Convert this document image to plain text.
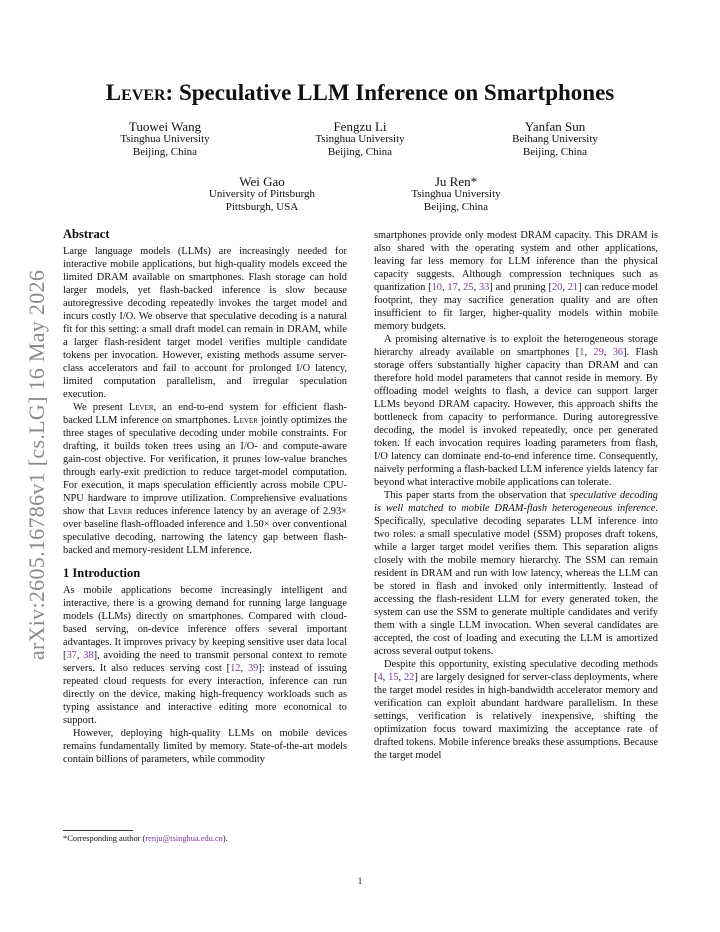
arXiv:2605.16786v1 [cs.LG] 16 May 2026
Lever: Speculative LLM Inference on Smartphones
Tuowei Wang
Tsinghua University
Beijing, China
Fengzu Li
Tsinghua University
Beijing, China
Yanfan Sun
Beihang University
Beijing, China
Wei Gao
University of Pittsburgh
Pittsburgh, USA
Ju Ren*
Tsinghua University
Beijing, China
Abstract

Large language models (LLMs) are increasingly needed for interactive mobile applications, but high-quality models exceed the limited DRAM available on smartphones. Flash storage can hold larger models, yet flash-backed inference is slow because autoregressive decoding repeatedly invokes the target model and incurs costly I/O. We observe that speculative decoding is a natural fit for this setting: a small draft model can remain in DRAM, while a larger flash-resident target model verifies multiple candidate tokens per invocation. However, existing methods assume server-class accelerators and fail to account for prolonged I/O latency, limited computation parallelism, and irregular speculation execution.

We present Lever, an end-to-end system for efficient flash-backed LLM inference on smartphones. Lever jointly optimizes the three stages of speculative decoding under mobile constraints. For drafting, it builds token trees using an I/O- and compute-aware gain-cost objective. For verification, it prunes low-value branches through early-exit prediction to reduce target-model computation. For execution, it maps speculation efficiently across mobile CPU-NPU hardware to improve utilization. Comprehensive evaluations show that Lever reduces inference latency by an average of 2.93× over baseline flash-offloaded inference and 1.50× over conventional speculative decoding, narrowing the latency gap between flash-backed and memory-resident LLM inference.

1 Introduction

As mobile applications become increasingly intelligent and interactive, there is a growing demand for running large language models (LLMs) directly on smartphones. Compared with cloud-based serving, on-device inference offers several important advantages. It improves privacy by keeping sensitive user data local [37, 38], avoiding the need to transmit personal context to remote servers. It also reduces serving cost [12, 39]: instead of issuing repeated cloud requests for every interaction, inference can run directly on the device, making high-frequency workloads such as typing assistance and interactive editing more economical to support.

However, deploying high-quality LLMs on mobile devices remains fundamentally limited by memory. State-of-the-art models contain billions of parameters, while commodity

smartphones provide only modest DRAM capacity. This DRAM is also shared with the operating system and other applications, leaving far less memory for LLM inference than the physical capacity suggests. Although compression techniques such as quantization [10, 17, 25, 33] and pruning [20, 21] can reduce model footprint, they may sacrifice generation quality and are often insufficient to fit larger, higher-quality models within mobile memory budgets.

A promising alternative is to exploit the heterogeneous storage hierarchy already available on smartphones [1, 29, 36]. Flash storage offers substantially higher capacity than DRAM and can therefore hold model parameters that cannot reside in memory. By offloading model weights to flash, a device can support larger LLMs beyond DRAM capacity. However, this approach shifts the bottleneck from capacity to performance. During autoregressive decoding, the model is invoked repeatedly, once per generated token. If each invocation requires loading parameters from flash, I/O latency can dominate end-to-end inference time. Consequently, naively performing a flash-backed LLM inference yields latency far beyond what interactive mobile applications can tolerate.

This paper starts from the observation that speculative decoding is well matched to mobile DRAM-flash heterogeneous inference. Specifically, speculative decoding separates LLM inference into two roles: a small speculative model (SSM) proposes draft tokens, while a larger target model verifies them. This separation aligns closely with the mobile memory hierarchy. The SSM can remain resident in DRAM and run with low latency, whereas the LLM can be stored in flash and invoked only intermittently. Instead of accessing the flash-resident LLM for every generated token, the system can use the SSM to generate multiple candidates and verify them with a single LLM invocation. When several candidates are accepted, the cost of loading and executing the LLM is amortized across several output tokens.

Despite this opportunity, existing speculative decoding methods [4, 15, 22] are largely designed for server-class deployments, where the target model resides in high-bandwidth accelerator memory and verification can exploit abundant hardware parallelism. In these settings, verification is relatively inexpensive, shifting the optimization focus toward maximizing the acceptance rate of drafted tokens. Mobile inference breaks these assumptions. Because the target model

*Corresponding author (renju@tsinghua.edu.cn).
1
